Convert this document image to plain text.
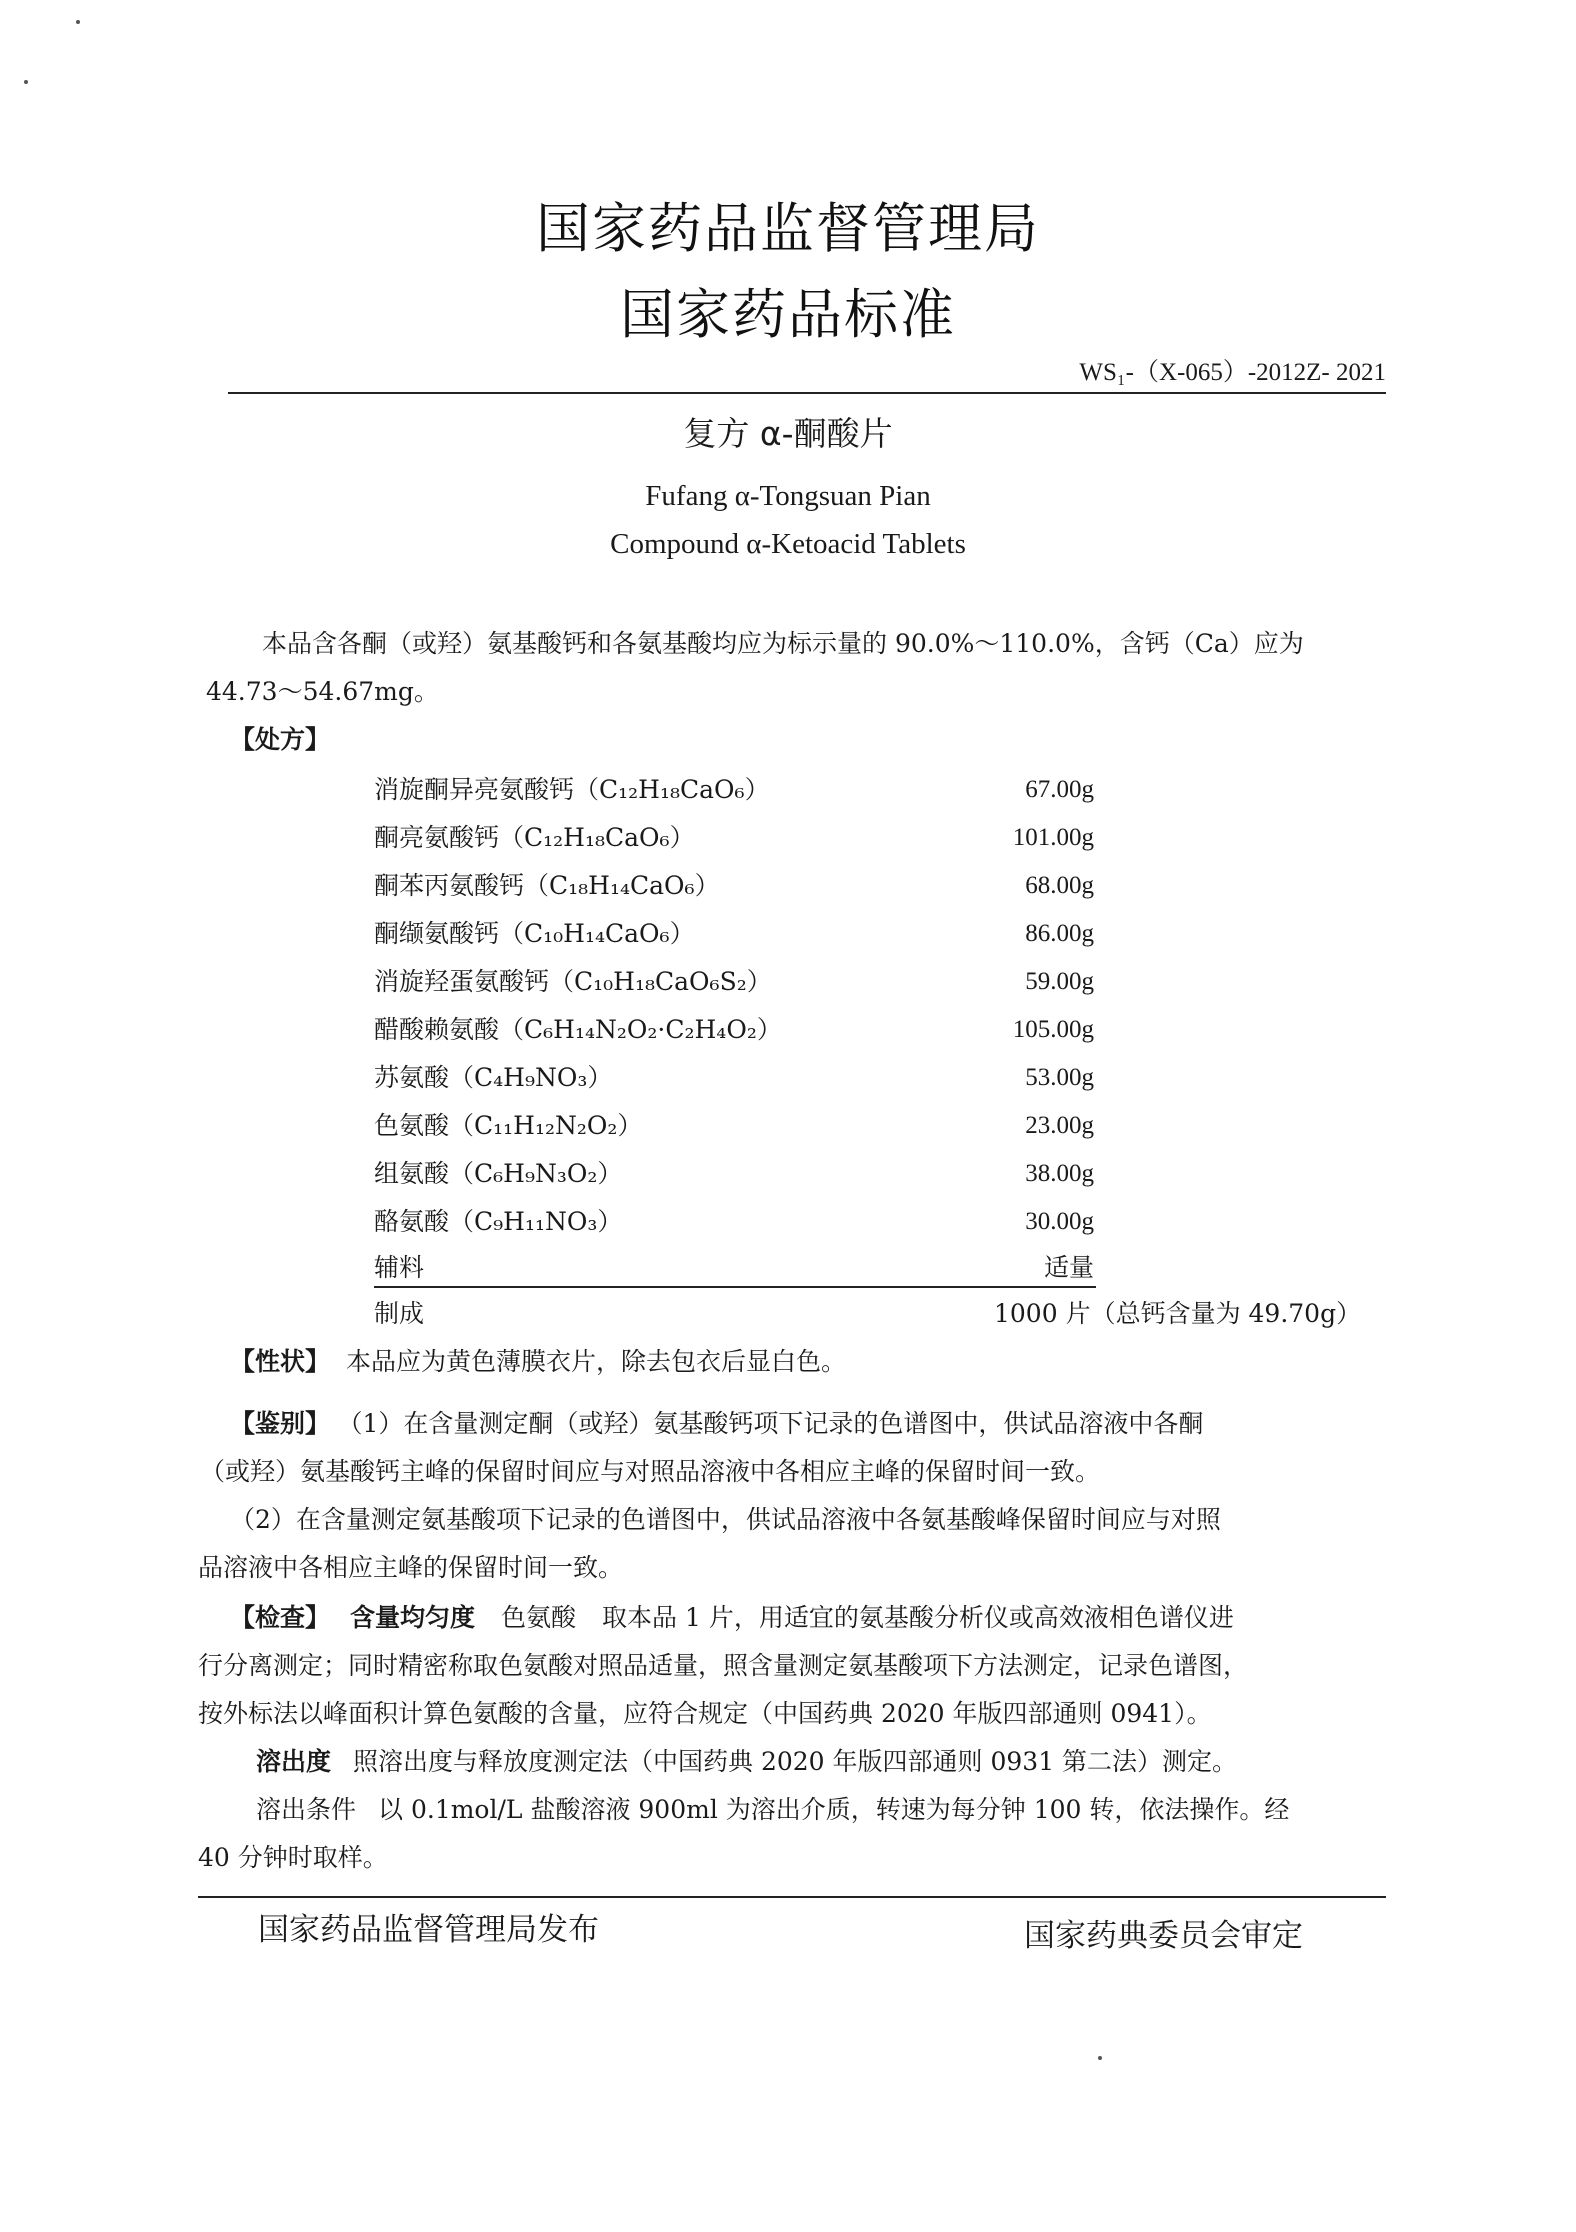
国家药品监督管理局
国家药品标准
WS₁-（X-065）-2012Z- 2021
复方 α-酮酸片
Fufang α-Tongsuan Pian
Compound α-Ketoacid Tablets
本品含各酮（或羟）氨基酸钙和各氨基酸均应为标示量的 90.0%～110.0%，含钙（Ca）应为
44.73～54.67mg。
【处方】
消旋酮异亮氨酸钙（C₁₂H₁₈CaO₆）	67.00g
酮亮氨酸钙（C₁₂H₁₈CaO₆）	101.00g
酮苯丙氨酸钙（C₁₈H₁₄CaO₆）	68.00g
酮缬氨酸钙（C₁₀H₁₄CaO₆）	86.00g
消旋羟蛋氨酸钙（C₁₀H₁₈CaO₆S₂）	59.00g
醋酸赖氨酸（C₆H₁₄N₂O₂·C₂H₄O₂）	105.00g
苏氨酸（C₄H₉NO₃）	53.00g
色氨酸（C₁₁H₁₂N₂O₂）	23.00g
组氨酸（C₆H₉N₃O₂）	38.00g
酪氨酸（C₉H₁₁NO₃）	30.00g
辅料	适量
制成	1000 片（总钙含量为 49.70g）
【性状】 本品应为黄色薄膜衣片，除去包衣后显白色。
【鉴别】 （1）在含量测定酮（或羟）氨基酸钙项下记录的色谱图中，供试品溶液中各酮
（或羟）氨基酸钙主峰的保留时间应与对照品溶液中各相应主峰的保留时间一致。
（2）在含量测定氨基酸项下记录的色谱图中，供试品溶液中各氨基酸峰保留时间应与对照
品溶液中各相应主峰的保留时间一致。
【检查】 含量均匀度 色氨酸 取本品 1 片，用适宜的氨基酸分析仪或高效液相色谱仪进
行分离测定；同时精密称取色氨酸对照品适量，照含量测定氨基酸项下方法测定，记录色谱图，
按外标法以峰面积计算色氨酸的含量，应符合规定（中国药典 2020 年版四部通则 0941）。
溶出度 照溶出度与释放度测定法（中国药典 2020 年版四部通则 0931 第二法）测定。
溶出条件 以 0.1mol/L 盐酸溶液 900ml 为溶出介质，转速为每分钟 100 转，依法操作。经
40 分钟时取样。
国家药品监督管理局发布	国家药典委员会审定
